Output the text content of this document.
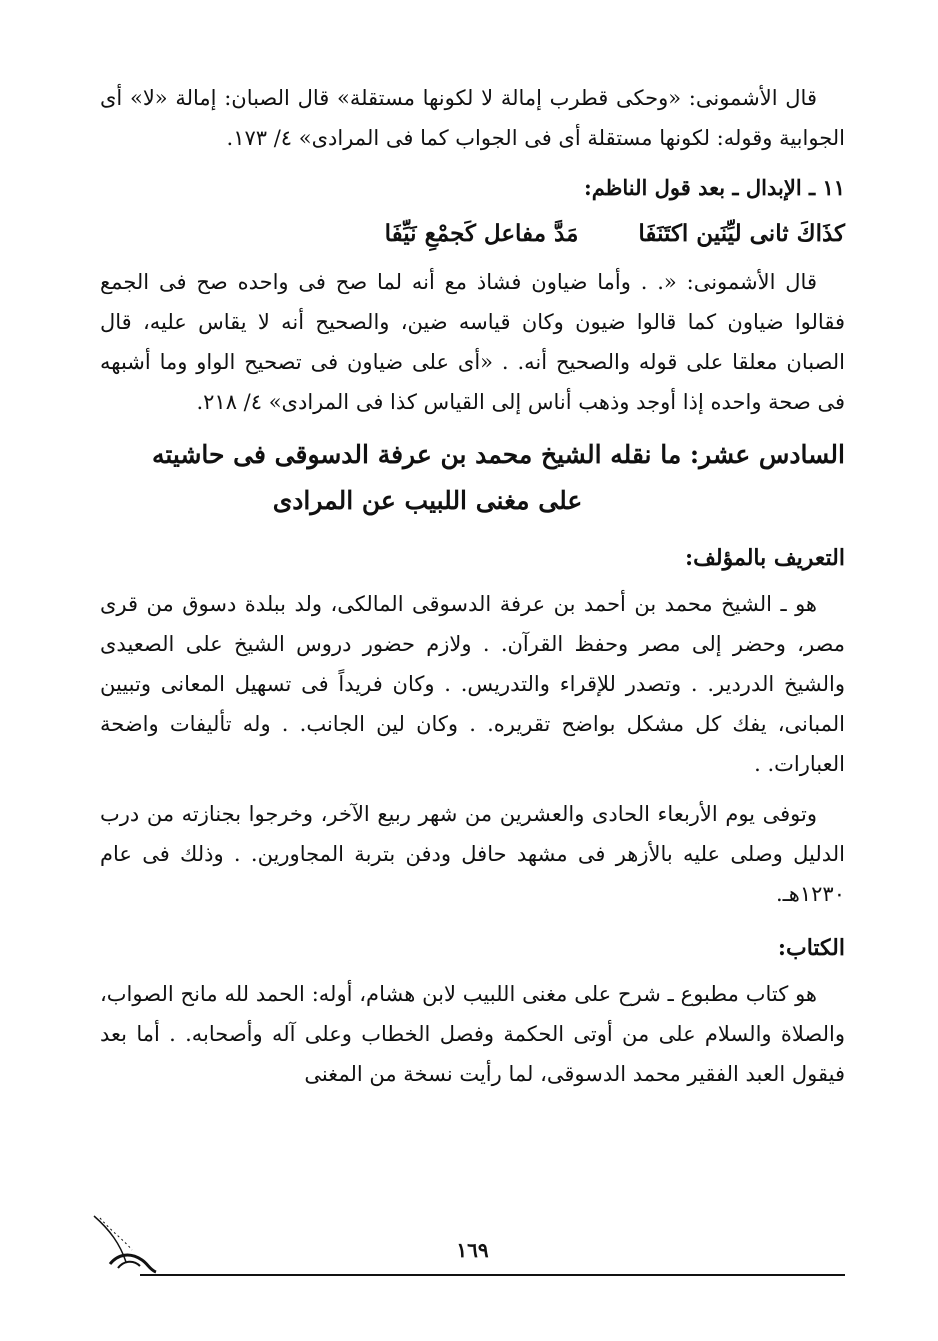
قال الأشمونى: «وحكى قطرب إمالة لا لكونها مستقلة» قال الصبان: إمالة «لا» أى الجوابية وقوله: لكونها مستقلة أى فى الجواب كما فى المرادى» ٤/ ١٧٣.

١١ ـ الإبدال ـ بعد قول الناظم:
كذَاكَ ثانى ليِّنَين اكتَنَفَا
مَدَّ مفاعل كَجمْعِ نَيِّفَا

قال الأشمونى: «. . وأما ضياون فشاذ مع أنه لما صح فى واحده صح فى الجمع فقالوا ضياون كما قالوا ضيون وكان قياسه ضين، والصحيح أنه لا يقاس عليه، قال الصبان معلقا على قوله والصحيح أنه. . «أى على ضياون فى تصحيح الواو وما أشبهه فى صحة واحده إذا أوجد وذهب أناس إلى القياس كذا فى المرادى» ٤/ ٢١٨.

السادس عشر: ما نقله الشيخ محمد بن عرفة الدسوقى فى حاشيته
على مغنى اللبيب عن المرادى
التعريف بالمؤلف:

هو ـ الشيخ محمد بن أحمد بن عرفة الدسوقى المالكى، ولد ببلدة دسوق من قرى مصر، وحضر إلى مصر وحفظ القرآن. . ولازم حضور دروس الشيخ على الصعيدى والشيخ الدردير. . وتصدر للإقراء والتدريس. . وكان فريداً فى تسهيل المعانى وتبيين المبانى، يفك كل مشكل بواضح تقريره. . وكان لين الجانب. . وله تأليفات واضحة العبارات. .

وتوفى يوم الأربعاء الحادى والعشرين من شهر ربيع الآخر، وخرجوا بجنازته من درب الدليل وصلى عليه بالأزهر فى مشهد حافل ودفن بتربة المجاورين. . وذلك فى عام ١٢٣٠هـ.

الكتاب:

هو كتاب مطبوع ـ شرح على مغنى اللبيب لابن هشام، أوله: الحمد لله مانح الصواب، والصلاة والسلام على من أوتى الحكمة وفصل الخطاب وعلى آله وأصحابه. . أما بعد فيقول العبد الفقير محمد الدسوقى، لما رأيت نسخة من المغنى

١٦٩
